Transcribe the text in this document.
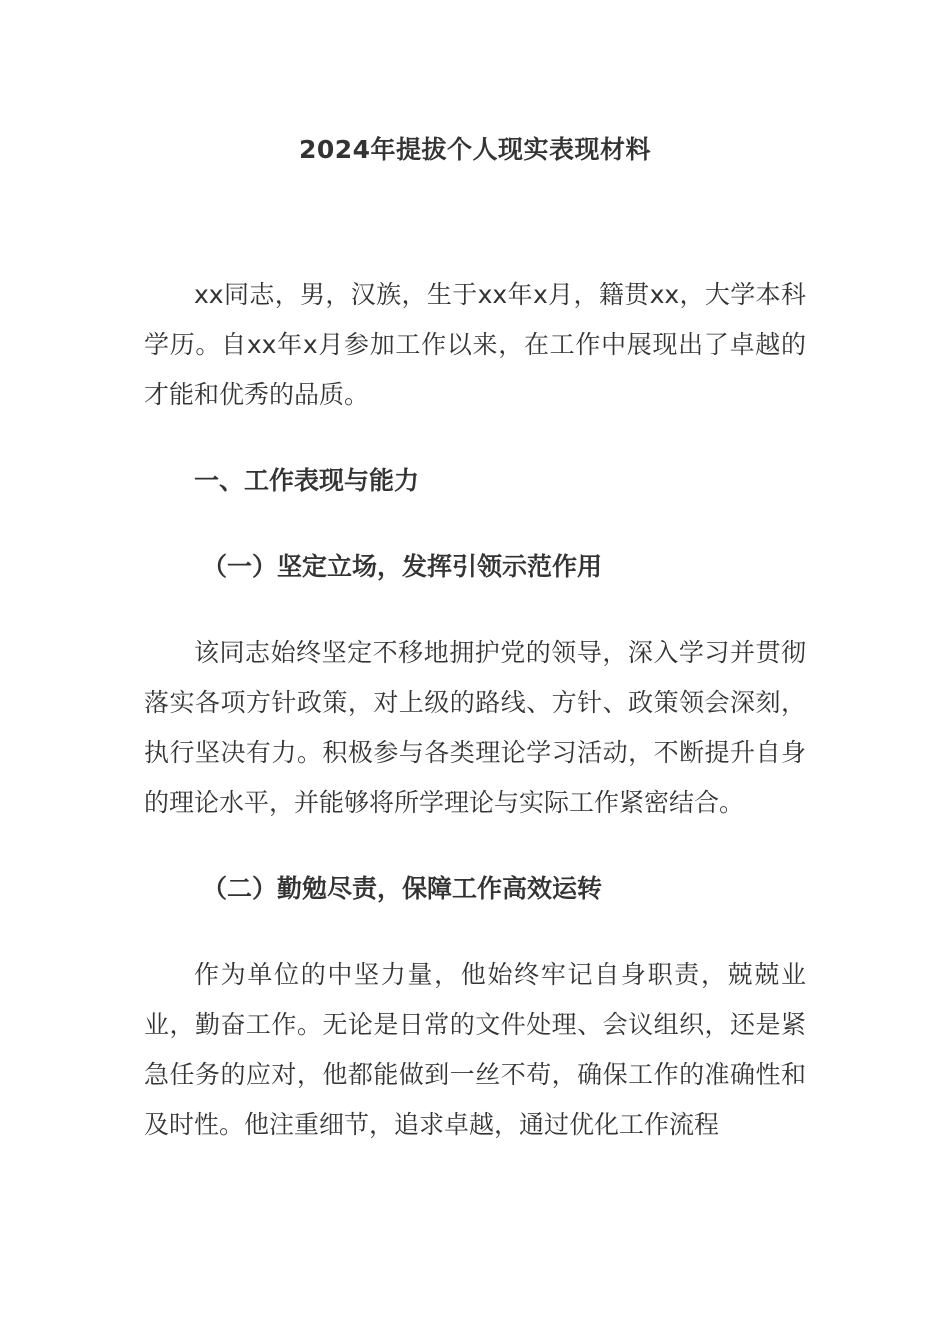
2024年提拔个人现实表现材料

xx同志，男，汉族，生于xx年x月，籍贯xx，大学本科学历。自xx年x月参加工作以来，在工作中展现出了卓越的才能和优秀的品质。

一、工作表现与能力

（一）坚定立场，发挥引领示范作用

该同志始终坚定不移地拥护党的领导，深入学习并贯彻落实各项方针政策，对上级的路线、方针、政策领会深刻，执行坚决有力。积极参与各类理论学习活动，不断提升自身的理论水平，并能够将所学理论与实际工作紧密结合。

（二）勤勉尽责，保障工作高效运转

作为单位的中坚力量，他始终牢记自身职责，兢兢业业，勤奋工作。无论是日常的文件处理、会议组织，还是紧急任务的应对，他都能做到一丝不苟，确保工作的准确性和及时性。他注重细节，追求卓越，通过优化工作流程
